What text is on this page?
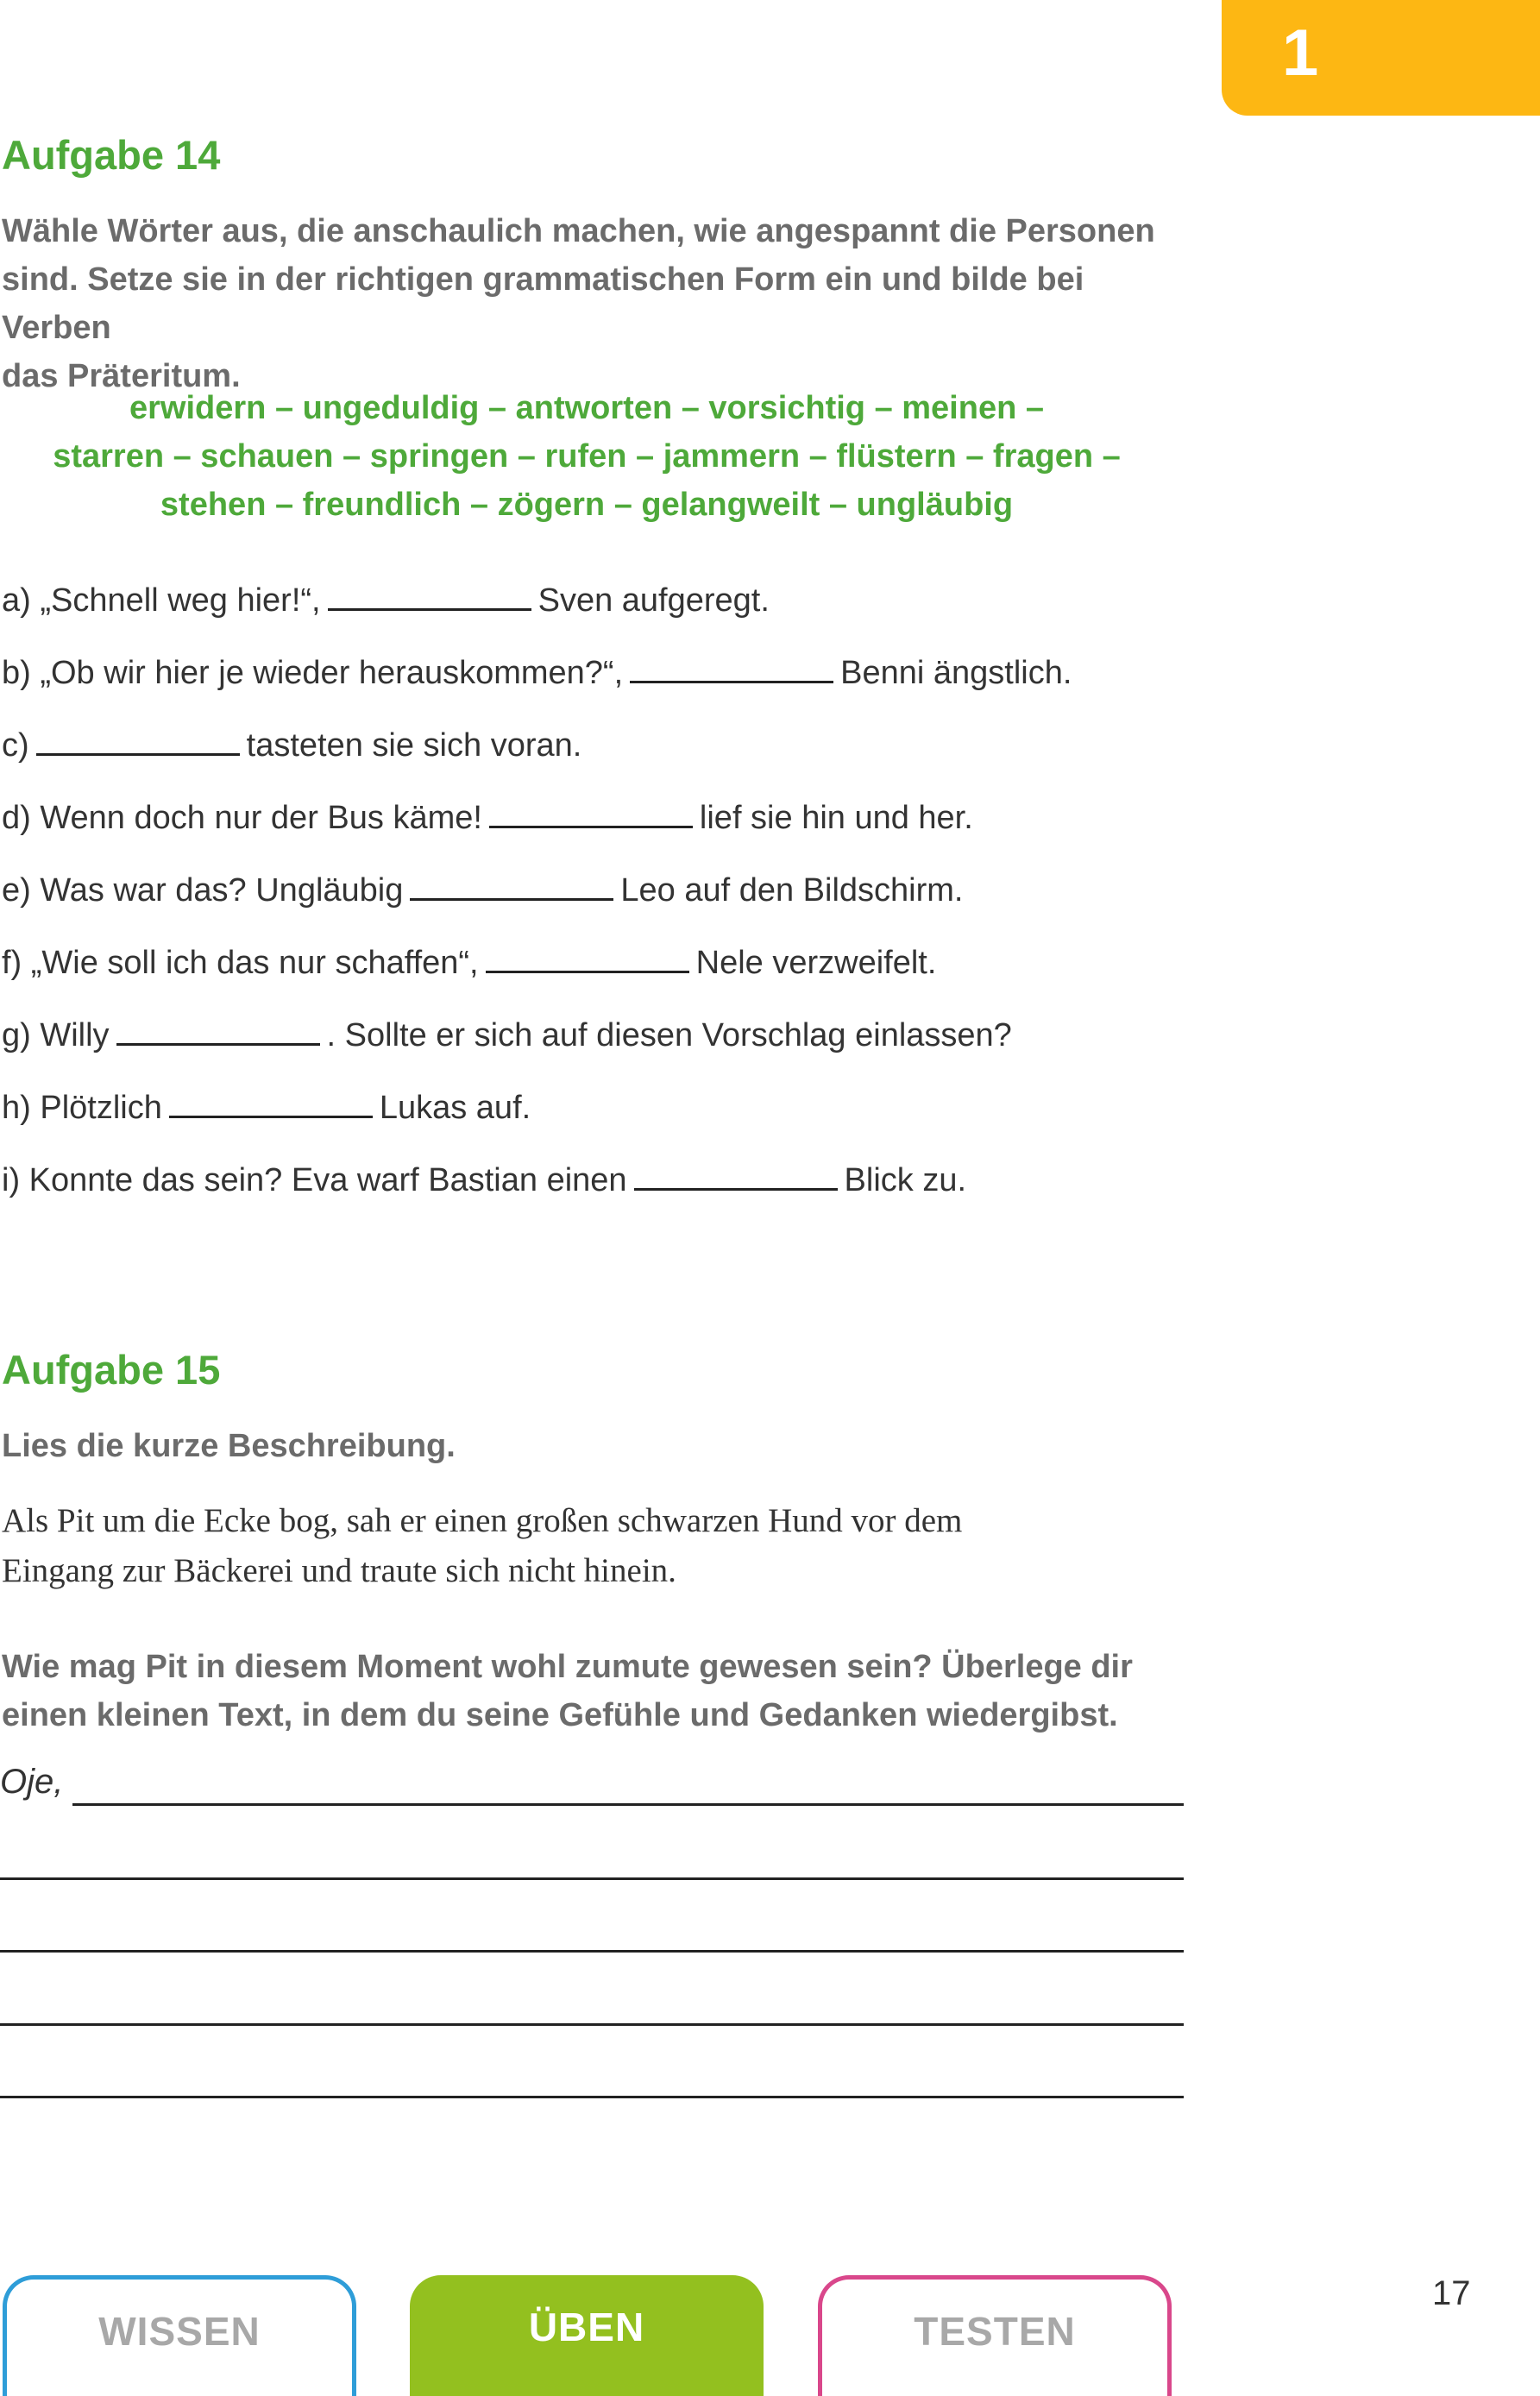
1
Aufgabe 14
Wähle Wörter aus, die anschaulich machen, wie angespannt die Personen
sind. Setze sie in der richtigen grammatischen Form ein und bilde bei Verben
das Präteritum.
erwidern – ungeduldig – antworten – vorsichtig – meinen –
starren – schauen – springen – rufen – jammern – flüstern – fragen –
stehen – freundlich – zögern – gelangweilt – ungläubig
a) „Schnell weg hier!“,	Sven aufgeregt.
b) „Ob wir hier je wieder herauskommen?“,	Benni ängstlich.
c)	tasteten sie sich voran.
d) Wenn doch nur der Bus käme!	lief sie hin und her.
e) Was war das? Ungläubig	Leo auf den Bildschirm.
f) „Wie soll ich das nur schaffen“,	Nele verzweifelt.
g) Willy	. Sollte er sich auf diesen Vorschlag einlassen?
h) Plötzlich	Lukas auf.
i) Konnte das sein? Eva warf Bastian einen	Blick zu.
Aufgabe 15
Lies die kurze Beschreibung.
Als Pit um die Ecke bog, sah er einen großen schwarzen Hund vor dem
Eingang zur Bäckerei und traute sich nicht hinein.
Wie mag Pit in diesem Moment wohl zumute gewesen sein? Überlege dir
einen kleinen Text, in dem du seine Gefühle und Gedanken wiedergibst.
Oje,
WISSEN	ÜBEN	TESTEN
17
